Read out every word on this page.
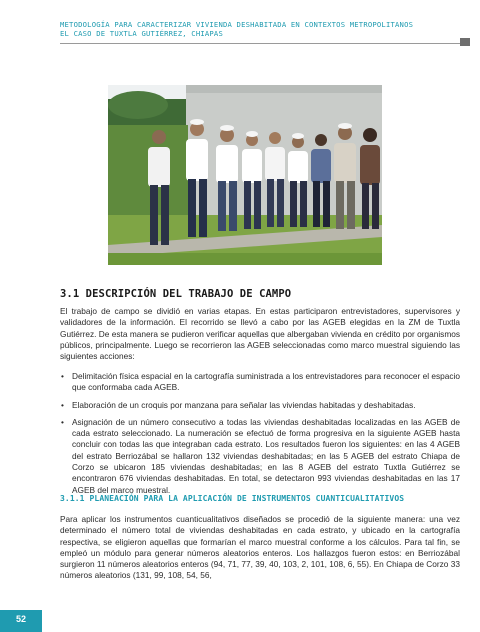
METODOLOGÍA PARA CARACTERIZAR VIVIENDA DESHABITADA EN CONTEXTOS METROPOLITANOS
EL CASO DE TUXTLA GUTIÉRREZ, CHIAPAS
3.1 DESCRIPCIÓN DEL TRABAJO DE CAMPO
El trabajo de campo se dividió en varias etapas. En estas participaron entrevistadores, supervisores y validadores de la información. El recorrido se llevó a cabo por las AGEB elegidas en la ZM de Tuxtla Gutiérrez. De esta manera se pudieron verificar aquellas que albergaban vivienda en crédito por organismos públicos, principalmente. Luego se recorrieron las AGEB seleccionadas como marco muestral siguiendo las siguientes acciones:
• Delimitación física espacial en la cartografía suministrada a los entrevistadores para reconocer el espacio que conformaba cada AGEB.
• Elaboración de un croquis por manzana para señalar las viviendas habitadas y deshabitadas.
• Asignación de un número consecutivo a todas las viviendas deshabitadas localizadas en las AGEB de cada estrato seleccionado. La numeración se efectuó de forma progresiva en la siguiente AGEB hasta concluir con todas las que integraban cada estrato. Los resultados fueron los siguientes: en las 4 AGEB del estrato Berriozábal se hallaron 132 viviendas deshabitadas; en las 5 AGEB del estrato Chiapa de Corzo se ubicaron 185 viviendas deshabitadas; en las 8 AGEB del estrato Tuxtla Gutiérrez se encontraron 676 viviendas deshabitadas. En total, se detectaron 993 viviendas deshabitadas en las 17 AGEB del marco muestral.
3.1.1 PLANEACIÓN PARA LA APLICACIÓN DE INSTRUMENTOS CUANTICUALITATIVOS
Para aplicar los instrumentos cuanticualitativos diseñados se procedió de la siguiente manera: una vez determinado el número total de viviendas deshabitadas en cada estrato, y ubicado en la cartografía respectiva, se eligieron aquellas que formarían el marco muestral conforme a los cálculos. Para tal fin, se empleó un módulo para generar números aleatorios enteros. Los hallazgos fueron estos: en Berriozábal surgieron 11 números aleatorios enteros (94, 71, 77, 39, 40, 103, 2, 101, 108, 6, 55). En Chiapa de Corzo 33 números aleatorios (131, 99, 108, 54, 56,
52
